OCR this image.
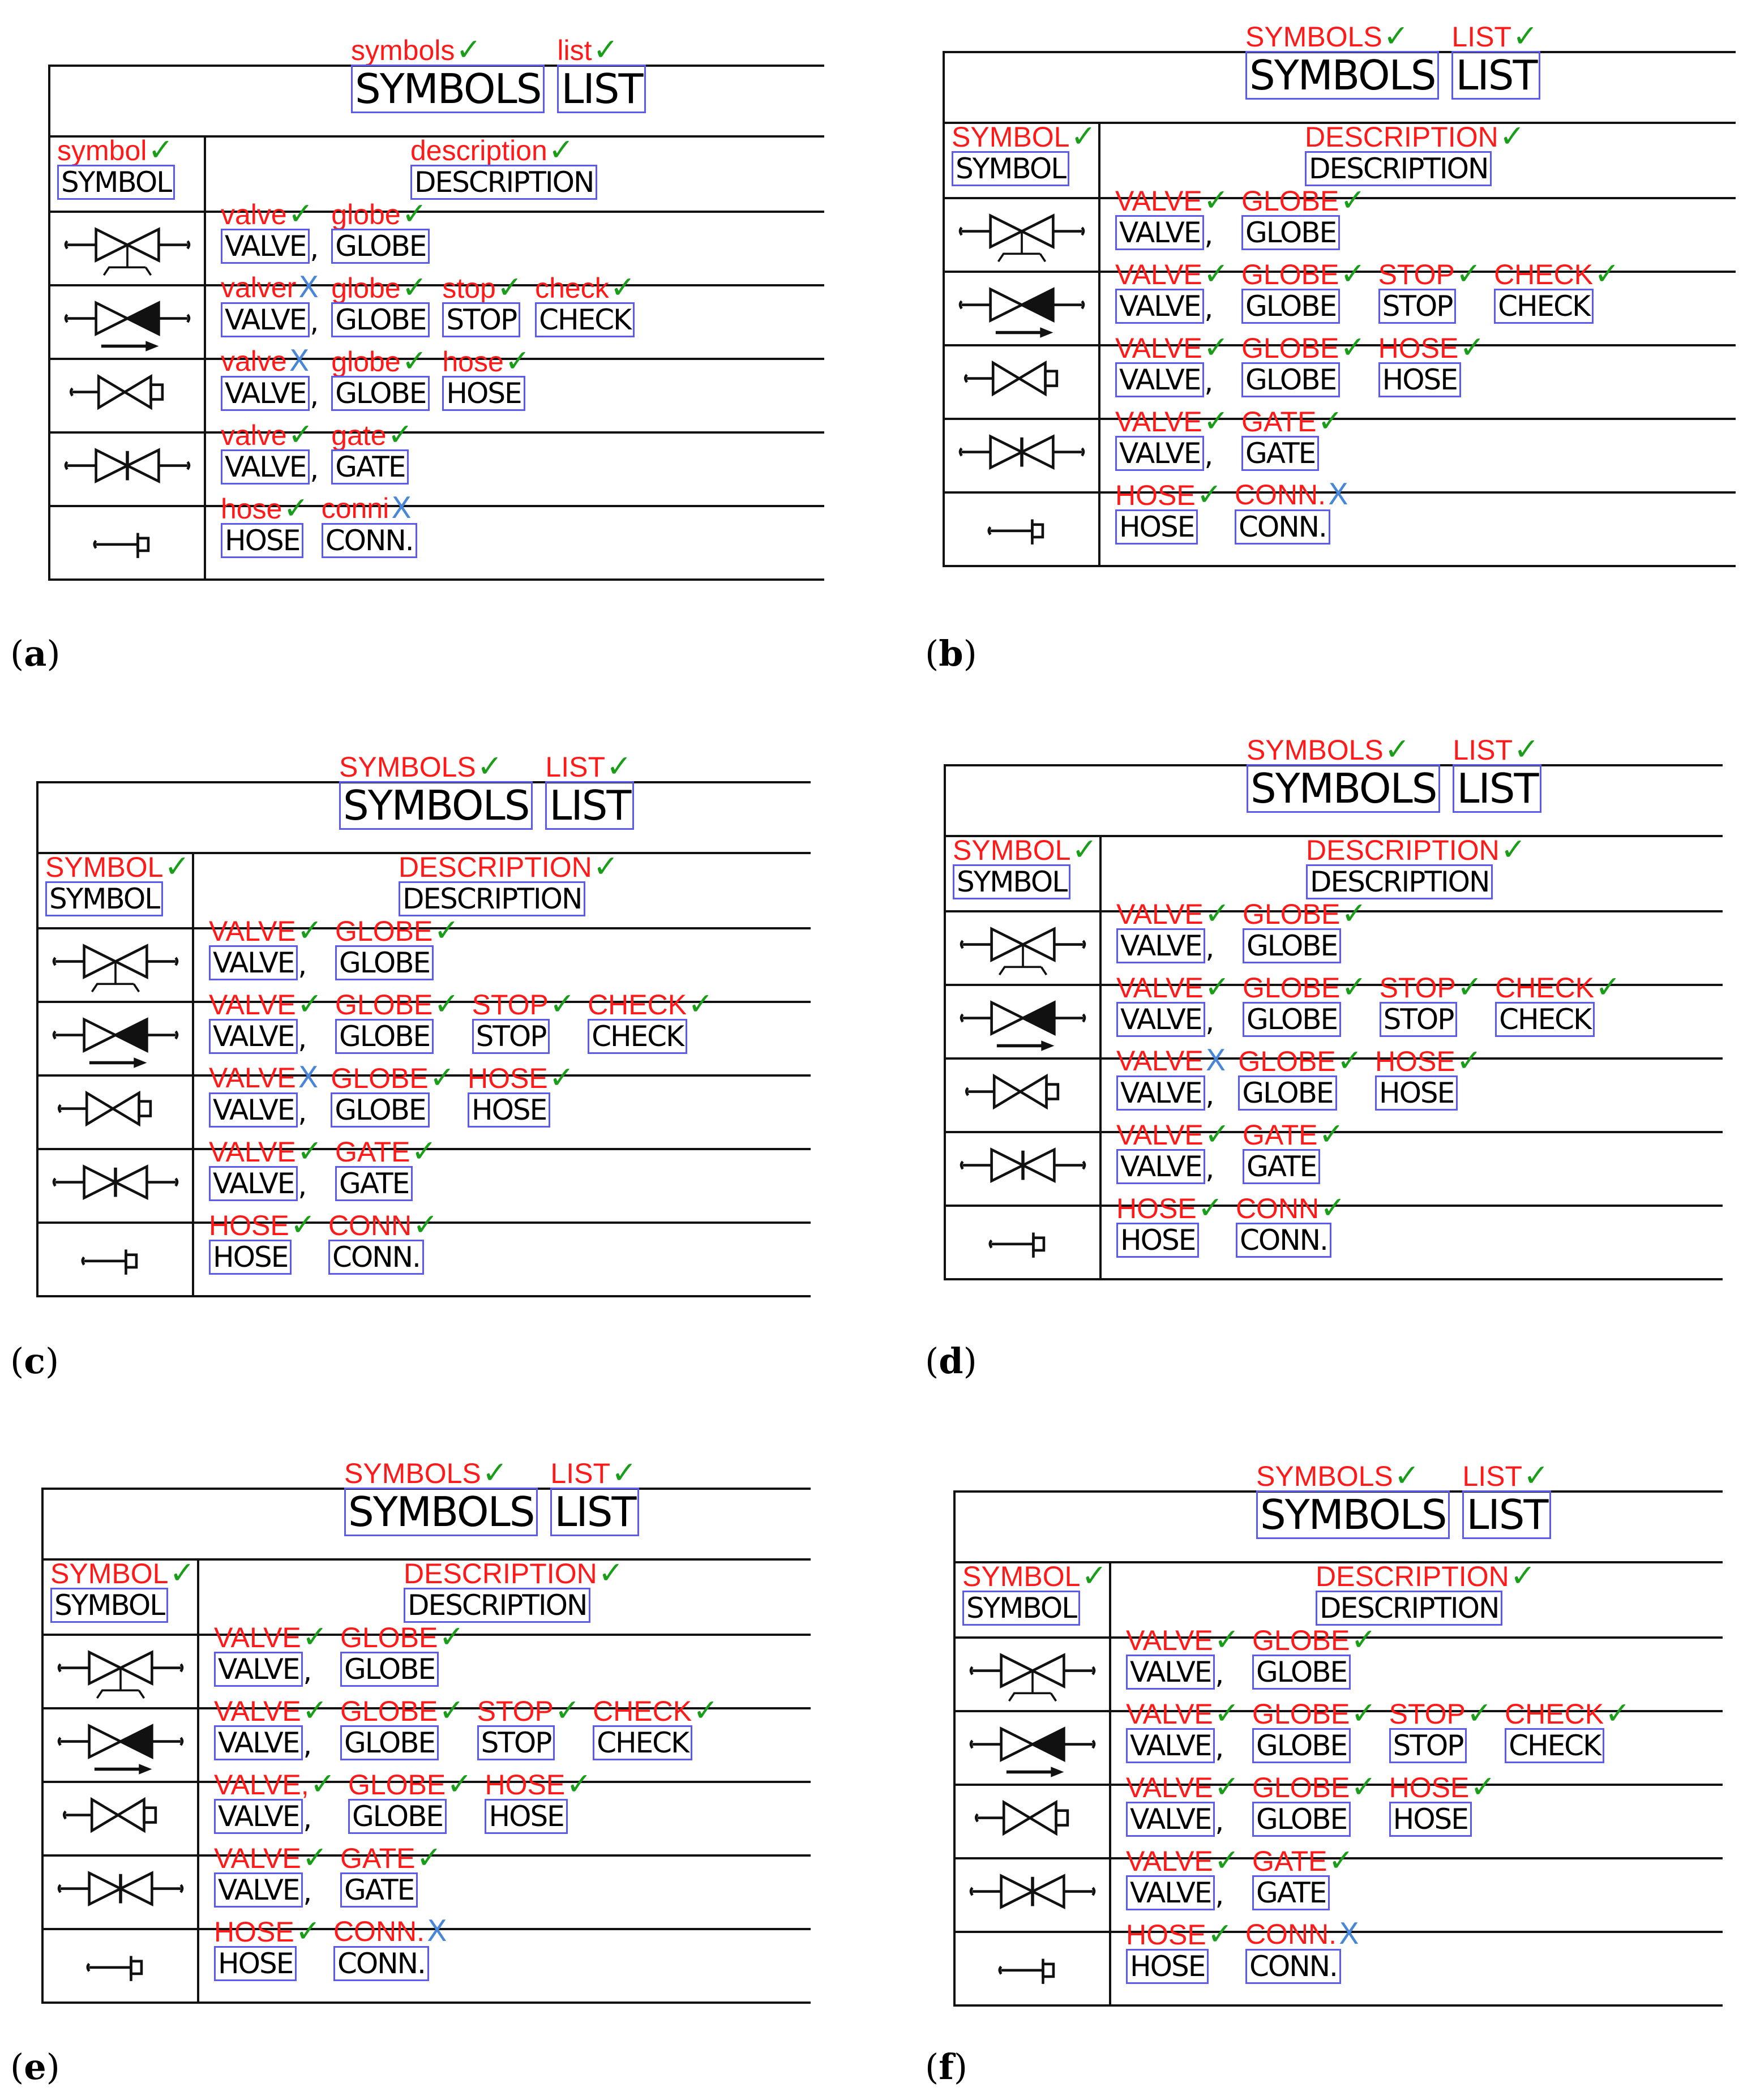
symbols✓
SYMBOLS
list✓
LIST
symbol✓
SYMBOL
description✓
DESCRIPTION
valve✓
VALVE ,
globe✓
GLOBE
valverX
VALVE ,
globe✓
GLOBE
stop✓
STOP
check✓
CHECK
valveX
VALVE ,
globe✓
GLOBE
hose✓
HOSE
valve✓
VALVE ,
gate✓
GATE
hose✓
HOSE
conniX
CONN.
(a)
SYMBOLS✓
SYMBOLS
LIST✓
LIST
SYMBOL✓
SYMBOL
DESCRIPTION✓
DESCRIPTION
VALVE✓
VALVE ,
GLOBE✓
GLOBE
VALVE✓
VALVE ,
GLOBE✓
GLOBE
STOP✓
STOP
CHECK✓
CHECK
VALVE✓
VALVE ,
GLOBE✓
GLOBE
HOSE✓
HOSE
VALVE✓
VALVE ,
GATE✓
GATE
HOSE✓
HOSE
CONN.X
CONN.
(b)
SYMBOLS✓
SYMBOLS
LIST✓
LIST
SYMBOL✓
SYMBOL
DESCRIPTION✓
DESCRIPTION
VALVE✓
VALVE ,
GLOBE✓
GLOBE
VALVE✓
VALVE ,
GLOBE✓
GLOBE
STOP✓
STOP
CHECK✓
CHECK
VALVEX
VALVE ,
GLOBE✓
GLOBE
HOSE✓
HOSE
VALVE✓
VALVE ,
GATE✓
GATE
HOSE✓
HOSE
CONN✓
CONN.
(c)
SYMBOLS✓
SYMBOLS
LIST✓
LIST
SYMBOL✓
SYMBOL
DESCRIPTION✓
DESCRIPTION
VALVE✓
VALVE ,
GLOBE✓
GLOBE
VALVE✓
VALVE ,
GLOBE✓
GLOBE
STOP✓
STOP
CHECK✓
CHECK
VALVEX
VALVE ,
GLOBE✓
GLOBE
HOSE✓
HOSE
VALVE✓
VALVE ,
GATE✓
GATE
HOSE✓
HOSE
CONN✓
CONN.
(d)
SYMBOLS✓
SYMBOLS
LIST✓
LIST
SYMBOL✓
SYMBOL
DESCRIPTION✓
DESCRIPTION
VALVE✓
VALVE ,
GLOBE✓
GLOBE
VALVE✓
VALVE ,
GLOBE✓
GLOBE
STOP✓
STOP
CHECK✓
CHECK
VALVE,✓
VALVE ,
GLOBE✓
GLOBE
HOSE✓
HOSE
VALVE✓
VALVE ,
GATE✓
GATE
HOSE✓
HOSE
CONN.X
CONN.
(e)
SYMBOLS✓
SYMBOLS
LIST✓
LIST
SYMBOL✓
SYMBOL
DESCRIPTION✓
DESCRIPTION
VALVE✓
VALVE ,
GLOBE✓
GLOBE
VALVE✓
VALVE ,
GLOBE✓
GLOBE
STOP✓
STOP
CHECK✓
CHECK
VALVE✓
VALVE ,
GLOBE✓
GLOBE
HOSE✓
HOSE
VALVE✓
VALVE ,
GATE✓
GATE
HOSE✓
HOSE
CONN.X
CONN.
(f)
